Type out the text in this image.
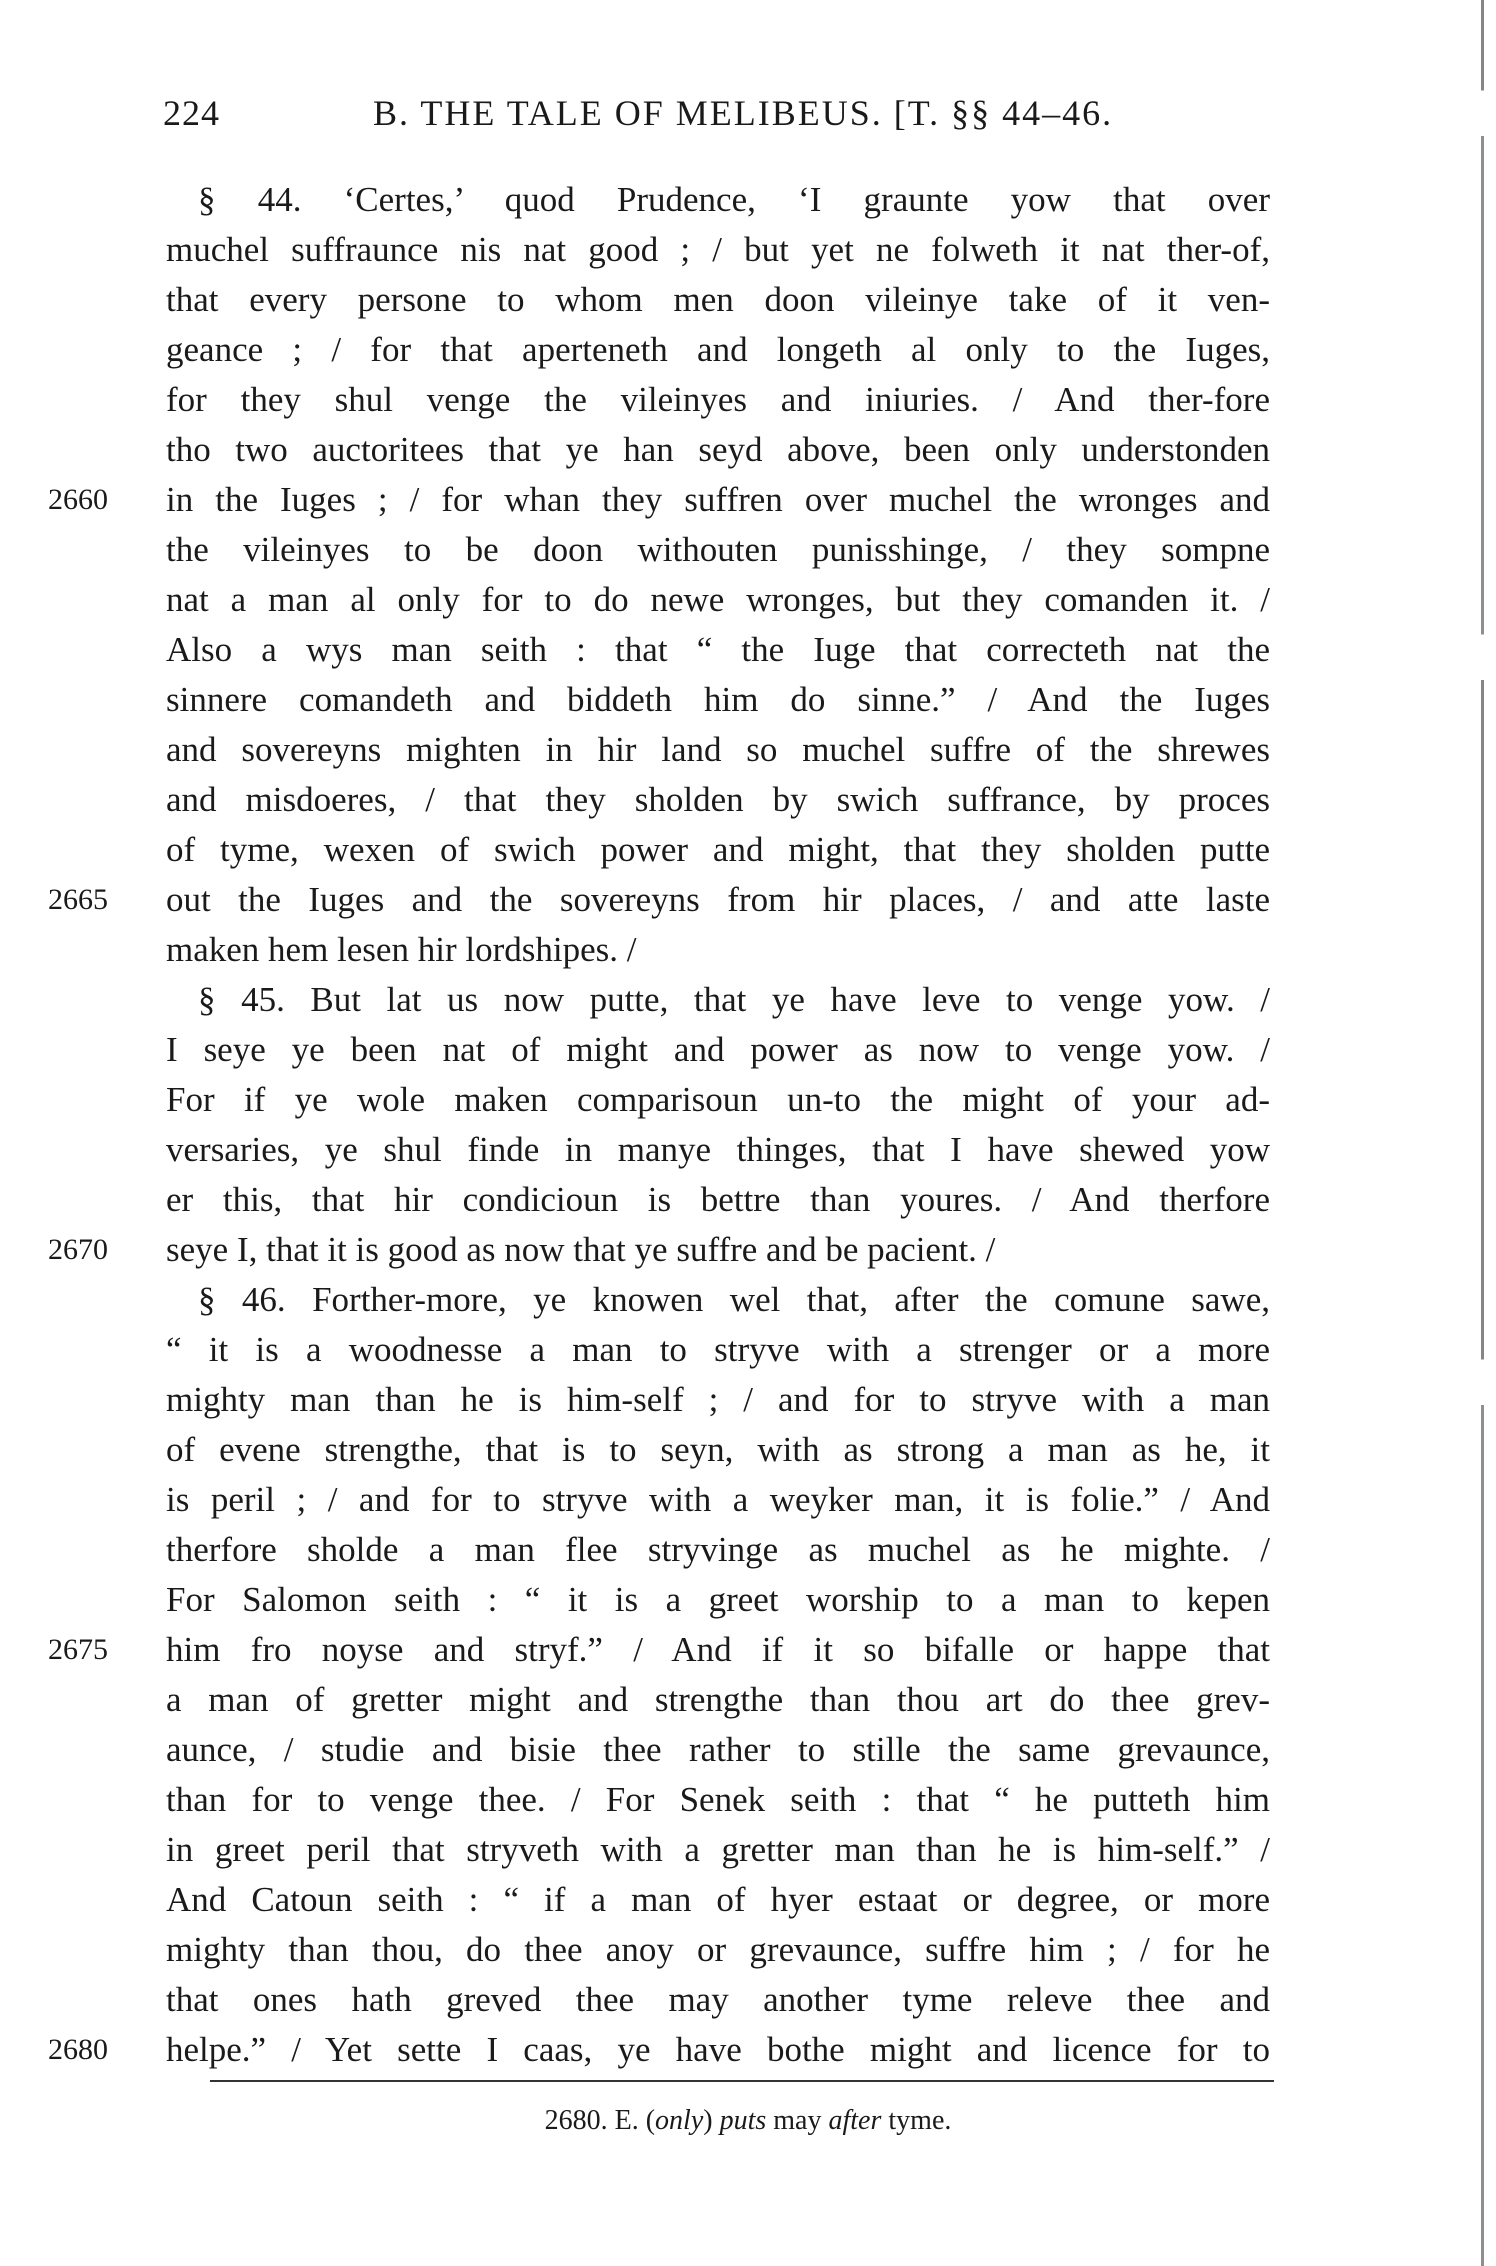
224	B. THE TALE OF MELIBEUS. [T. §§ 44–46.
§ 44. ‘Certes,’ quod Prudence, ‘I graunte yow that over
muchel suffraunce nis nat good ; / but yet ne folweth it nat ther-of,
that every persone to whom men doon vileinye take of it ven-
geance ; / for that aperteneth and longeth al only to the Iuges,
for they shul venge the vileinyes and iniuries. / And ther-fore
tho two auctoritees that ye han seyd above, been only understonden
2660 in the Iuges ; / for whan they suffren over muchel the wronges and
the vileinyes to be doon withouten punisshinge, / they sompne
nat a man al only for to do newe wronges, but they comanden it. /
Also a wys man seith : that “ the Iuge that correcteth nat the
sinnere comandeth and biddeth him do sinne.” / And the Iuges
and sovereyns mighten in hir land so muchel suffre of the shrewes
and misdoeres, / that they sholden by swich suffrance, by proces
of tyme, wexen of swich power and might, that they sholden putte
2665 out the Iuges and the sovereyns from hir places, / and atte laste
maken hem lesen hir lordshipes. /
§ 45. But lat us now putte, that ye have leve to venge yow. /
I seye ye been nat of might and power as now to venge yow. /
For if ye wole maken comparisoun un-to the might of your ad-
versaries, ye shul finde in manye thinges, that I have shewed yow
er this, that hir condicioun is bettre than youres. / And therfore
2670 seye I, that it is good as now that ye suffre and be pacient. /
§ 46. Forther-more, ye knowen wel that, after the comune sawe,
“ it is a woodnesse a man to stryve with a strenger or a more
mighty man than he is him-self ; / and for to stryve with a man
of evene strengthe, that is to seyn, with as strong a man as he, it
is peril ; / and for to stryve with a weyker man, it is folie.” / And
therfore sholde a man flee stryvinge as muchel as he mighte. /
For Salomon seith : “ it is a greet worship to a man to kepen
2675 him fro noyse and stryf.” / And if it so bifalle or happe that
a man of gretter might and strengthe than thou art do thee grev-
aunce, / studie and bisie thee rather to stille the same grevaunce,
than for to venge thee. / For Senek seith : that “ he putteth him
in greet peril that stryveth with a gretter man than he is him-self.” /
And Catoun seith : “ if a man of hyer estaat or degree, or more
mighty than thou, do thee anoy or grevaunce, suffre him ; / for he
that ones hath greved thee may another tyme releve thee and
2680 helpe.” / Yet sette I caas, ye have bothe might and licence for to
2680. E. (only) puts may after tyme.
